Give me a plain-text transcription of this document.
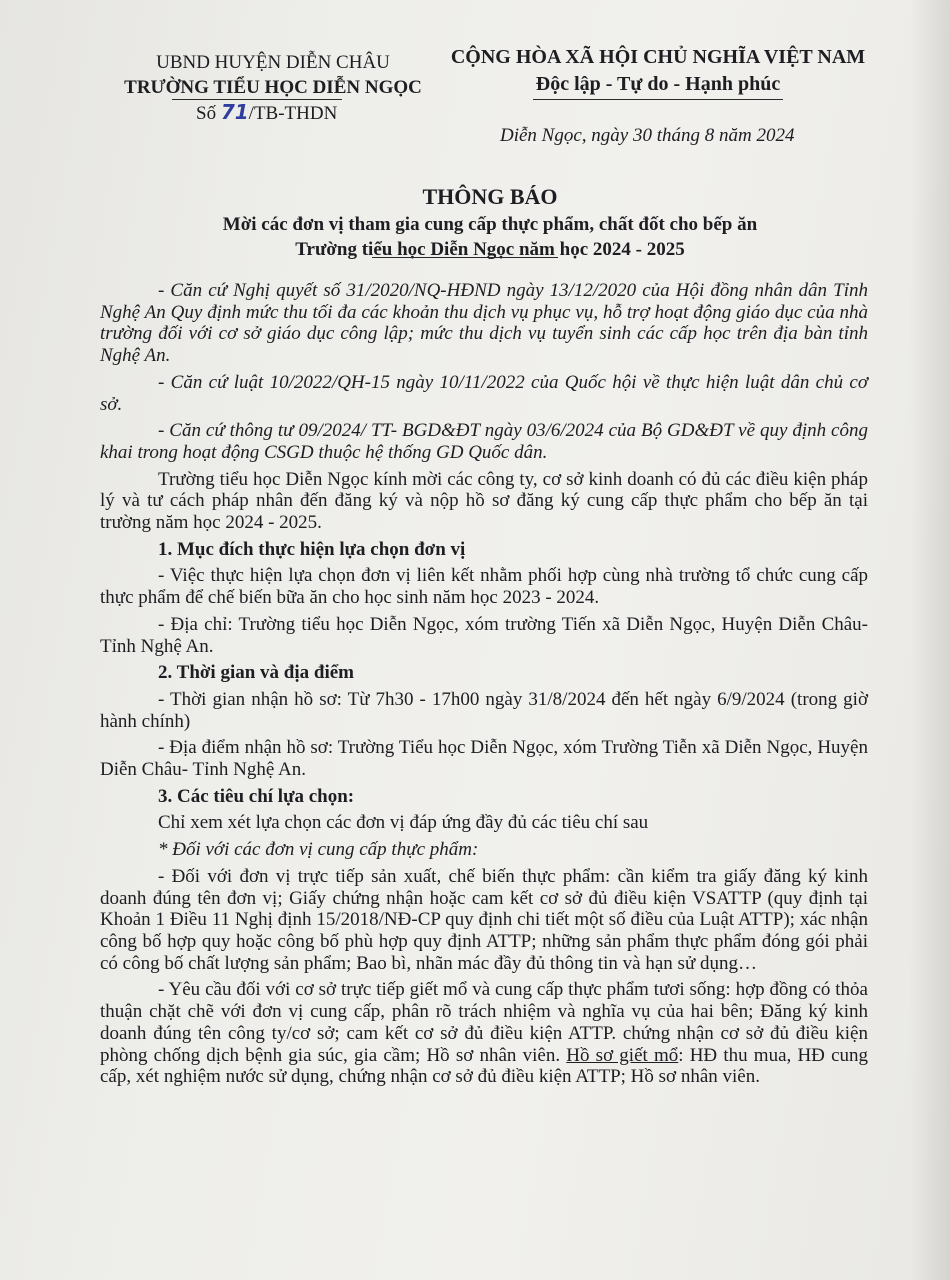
UBND HUYỆN DIỄN CHÂU
TRƯỜNG TIỂU HỌC DIỄN NGỌC
Số 71/TB-THDN
CỘNG HÒA XÃ HỘI CHỦ NGHĨA VIỆT NAM
Độc lập - Tự do - Hạnh phúc
Diễn Ngọc, ngày 30 tháng 8 năm 2024
THÔNG BÁO
Mời các đơn vị tham gia cung cấp thực phẩm, chất đốt cho bếp ăn
Trường tiểu học Diễn Ngọc năm học 2024 - 2025

- Căn cứ Nghị quyết số 31/2020/NQ-HĐND ngày 13/12/2020 của Hội đồng nhân dân Tỉnh Nghệ An Quy định mức thu tối đa các khoản thu dịch vụ phục vụ, hỗ trợ hoạt động giáo dục của nhà trường đối với cơ sở giáo dục công lập; mức thu dịch vụ tuyển sinh các cấp học trên địa bàn tỉnh Nghệ An.

- Căn cứ luật 10/2022/QH-15 ngày 10/11/2022 của Quốc hội về thực hiện luật dân chủ cơ sở.

- Căn cứ thông tư 09/2024/ TT- BGD&ĐT ngày 03/6/2024 của Bộ GD&ĐT về quy định công khai trong hoạt động CSGD thuộc hệ thống GD Quốc dân.

Trường tiểu học Diễn Ngọc kính mời các công ty, cơ sở kinh doanh có đủ các điều kiện pháp lý và tư cách pháp nhân đến đăng ký và nộp hồ sơ đăng ký cung cấp thực phẩm cho bếp ăn tại trường năm học 2024 - 2025.

1. Mục đích thực hiện lựa chọn đơn vị

- Việc thực hiện lựa chọn đơn vị liên kết nhằm phối hợp cùng nhà trường tổ chức cung cấp thực phẩm để chế biến bữa ăn cho học sinh năm học 2023 - 2024.

- Địa chỉ: Trường tiểu học Diễn Ngọc, xóm trường Tiến xã Diễn Ngọc, Huyện Diễn Châu- Tỉnh Nghệ An.

2. Thời gian và địa điểm

- Thời gian nhận hồ sơ: Từ 7h30 - 17h00 ngày 31/8/2024 đến hết ngày 6/9/2024 (trong giờ hành chính)

- Địa điểm nhận hồ sơ: Trường Tiểu học Diễn Ngọc, xóm Trường Tiễn xã Diễn Ngọc, Huyện Diễn Châu- Tỉnh Nghệ An.

3. Các tiêu chí lựa chọn:

Chỉ xem xét lựa chọn các đơn vị đáp ứng đầy đủ các tiêu chí sau

* Đối với các đơn vị cung cấp thực phẩm:

- Đối với đơn vị trực tiếp sản xuất, chế biến thực phẩm: cần kiểm tra giấy đăng ký kinh doanh đúng tên đơn vị; Giấy chứng nhận hoặc cam kết cơ sở đủ điều kiện VSATTP (quy định tại Khoản 1 Điều 11 Nghị định 15/2018/NĐ-CP quy định chi tiết một số điều của Luật ATTP); xác nhận công bố hợp quy hoặc công bố phù hợp quy định ATTP; những sản phẩm thực phẩm đóng gói phải có công bố chất lượng sản phẩm; Bao bì, nhãn mác đầy đủ thông tin và hạn sử dụng…

- Yêu cầu đối với cơ sở trực tiếp giết mổ và cung cấp thực phẩm tươi sống: hợp đồng có thỏa thuận chặt chẽ với đơn vị cung cấp, phân rõ trách nhiệm và nghĩa vụ của hai bên; Đăng ký kinh doanh đúng tên công ty/cơ sở; cam kết cơ sở đủ điều kiện ATTP. chứng nhận cơ sở đủ điều kiện phòng chống dịch bệnh gia súc, gia cầm; Hồ sơ nhân viên. Hồ sơ giết mổ: HĐ thu mua, HĐ cung cấp, xét nghiệm nước sử dụng, chứng nhận cơ sở đủ điều kiện ATTP; Hồ sơ nhân viên.
